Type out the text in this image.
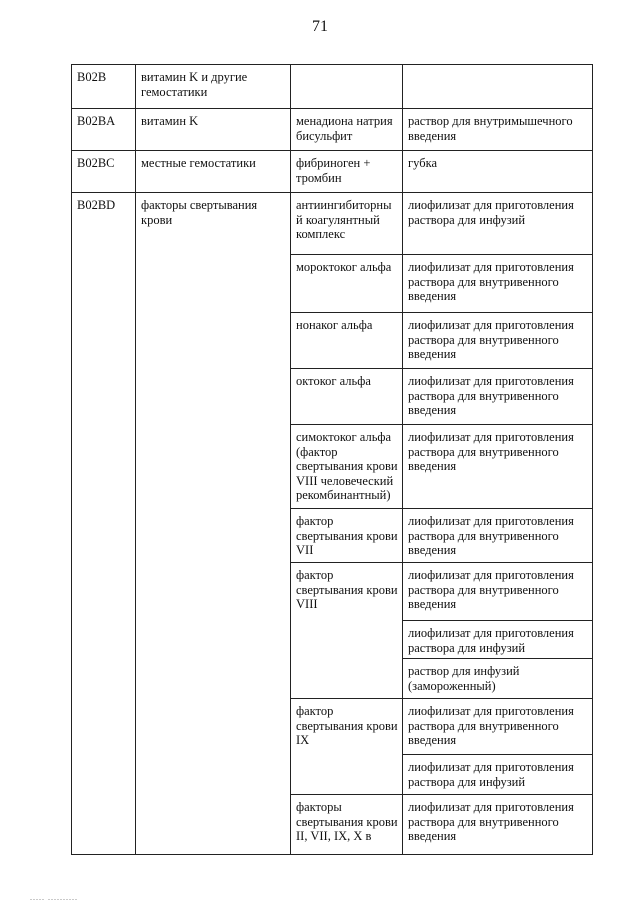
71
B02B	витамин K и другие гемостатики		
B02BA	витамин K	менадиона натрия бисульфит	раствор для внутримышечного введения
B02BC	местные гемостатики	фибриноген + тромбин	губка
B02BD	факторы свертывания крови	антиингибиторный коагулянтный комплекс	лиофилизат для приготовления раствора для инфузий
		мороктоког альфа	лиофилизат для приготовления раствора для внутривенного введения
		нонаког альфа	лиофилизат для приготовления раствора для внутривенного введения
		октоког альфа	лиофилизат для приготовления раствора для внутривенного введения
		симоктоког альфа (фактор свертывания крови VIII человеческий рекомбинантный)	лиофилизат для приготовления раствора для внутривенного введения
		фактор свертывания крови VII	лиофилизат для приготовления раствора для внутривенного введения
		фактор свертывания крови VIII	лиофилизат для приготовления раствора для внутривенного введения
			лиофилизат для приготовления раствора для инфузий
			раствор для инфузий (замороженный)
		фактор свертывания крови IX	лиофилизат для приготовления раствора для внутривенного введения
			лиофилизат для приготовления раствора для инфузий
		факторы свертывания крови II, VII, IX, X в	лиофилизат для приготовления раствора для внутривенного введения
..... ..........
